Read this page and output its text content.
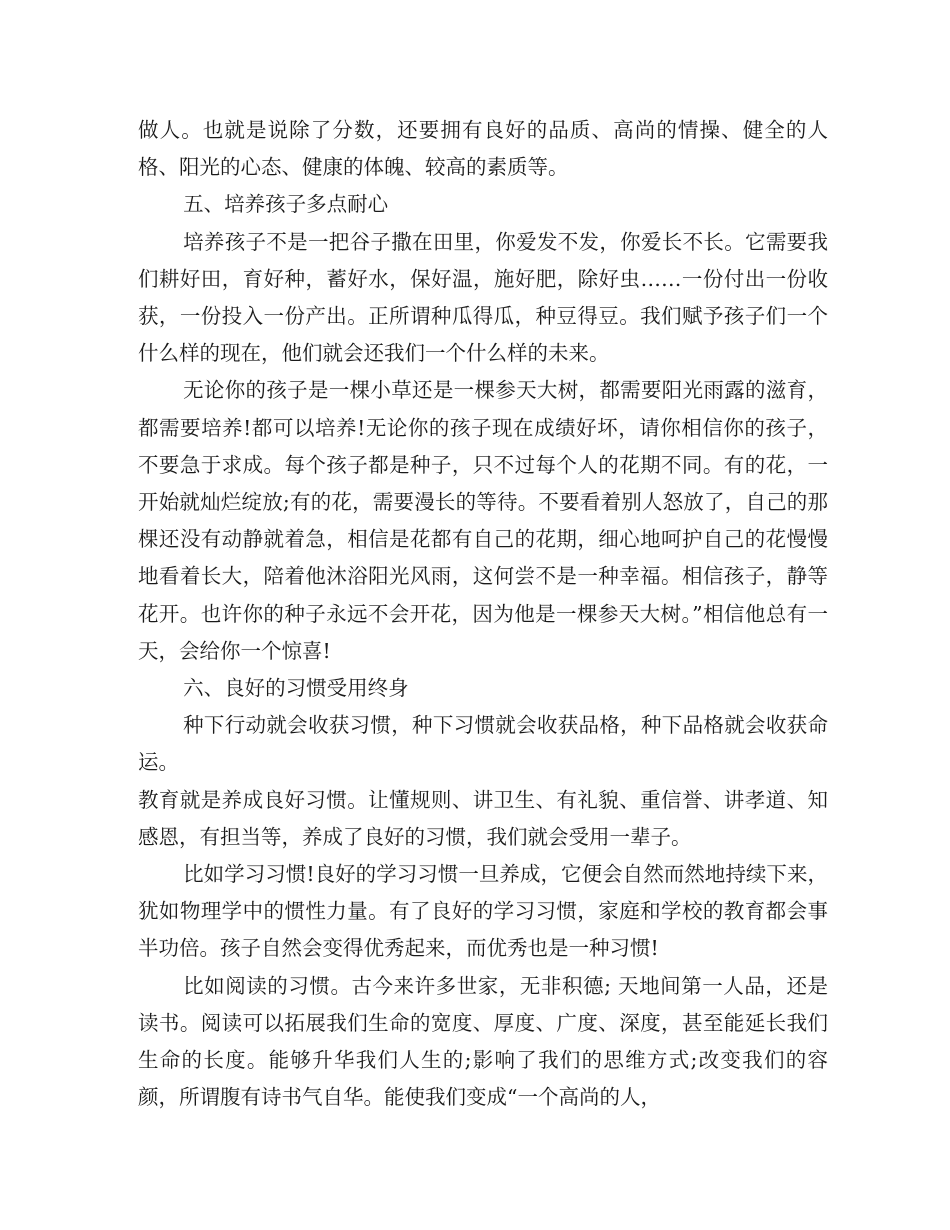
做人。也就是说除了分数，还要拥有良好的品质、高尚的情操、健全的人格、阳光的心态、健康的体魄、较高的素质等。

五、培养孩子多点耐心

培养孩子不是一把谷子撒在田里，你爱发不发，你爱长不长。它需要我们耕好田，育好种，蓄好水，保好温，施好肥，除好虫……一份付出一份收获，一份投入一份产出。正所谓种瓜得瓜，种豆得豆。我们赋予孩子们一个什么样的现在，他们就会还我们一个什么样的未来。

无论你的孩子是一棵小草还是一棵参天大树，都需要阳光雨露的滋育，都需要培养!都可以培养!无论你的孩子现在成绩好坏，请你相信你的孩子，不要急于求成。每个孩子都是种子，只不过每个人的花期不同。有的花，一开始就灿烂绽放;有的花，需要漫长的等待。不要看着别人怒放了，自己的那棵还没有动静就着急，相信是花都有自己的花期，细心地呵护自己的花慢慢地看着长大，陪着他沐浴阳光风雨，这何尝不是一种幸福。相信孩子，静等花开。也许你的种子永远不会开花，因为他是一棵参天大树。”相信他总有一天，会给你一个惊喜!

六、良好的习惯受用终身

种下行动就会收获习惯，种下习惯就会收获品格，种下品格就会收获命运。

教育就是养成良好习惯。让懂规则、讲卫生、有礼貌、重信誉、讲孝道、知感恩，有担当等，养成了良好的习惯，我们就会受用一辈子。

比如学习习惯!良好的学习习惯一旦养成，它便会自然而然地持续下来，犹如物理学中的惯性力量。有了良好的学习习惯，家庭和学校的教育都会事半功倍。孩子自然会变得优秀起来，而优秀也是一种习惯!

比如阅读的习惯。古今来许多世家，无非积德; 天地间第一人品，还是读书。阅读可以拓展我们生命的宽度、厚度、广度、深度，甚至能延长我们生命的长度。能够升华我们人生的;影响了我们的思维方式;改变我们的容颜，所谓腹有诗书气自华。能使我们变成“一个高尚的人，
